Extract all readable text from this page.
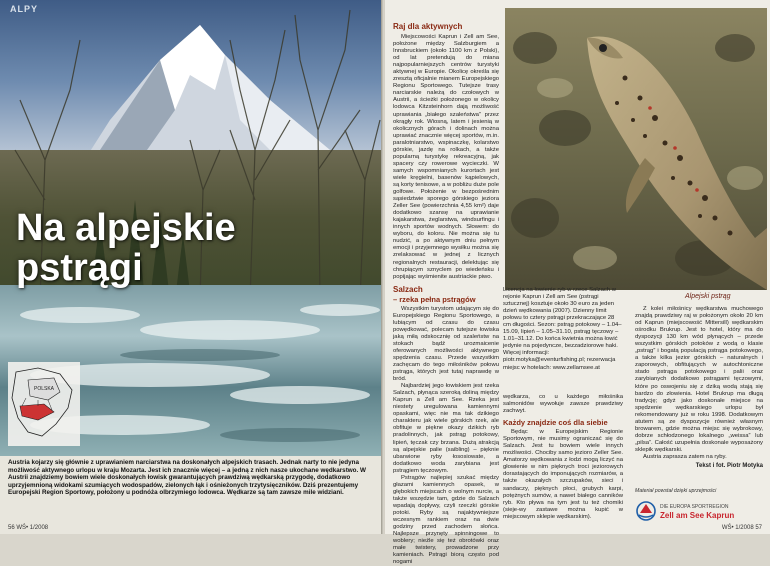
ALPY
Na alpejskie
pstrągi
POLSKA
Austria kojarzy się głównie z uprawianiem narciarstwa na doskonałych alpejskich trasach. Jednak narty to nie jedyna możliwość aktywnego urlopu w kraju Mozarta. Jest ich znacznie więcej – a jedną z nich nasze ukochane wędkarstwo. W Austrii znajdziemy bowiem wiele doskonałych łowisk gwarantujących prawdziwą wędkarską przygodę, dodatkowo uprzyjemnioną widokami szumiących wodospadów, zielonych łąk i ośnieżonych trzytysięczników. Dziś prezentujemy Europejski Region Sportowy, położony u podnóża olbrzymiego lodowca. Wędkarze są tam zawsze mile widziani.
56 WŚ• 1/2008
Raj dla aktywnych

Miejscowości Kaprun i Zell am See, położone między Salzburgiem a Innsbruckiem (około 1100 km z Polski), od lat pretendują do miana najpopularniejszych centrów turystyki aktywnej w Europie. Okolicę określa się zresztą oficjalnie mianem Europejskiego Regionu Sportowego. Tutejsze trasy narciarskie należą do czołowych w Austrii, a ścieżki położonego w okolicy lodowca Kitzsteinhorn dają możliwość uprawiania „białego szaleństwa” przez okrągły rok. Wiosną, latem i jesienią w okolicznych górach i dolinach można uprawiać znacznie więcej sportów, m.in. paralotniarstwo, wspinaczkę, kolarstwo górskie, jazdę na rolkach, a także popularną turystykę rekreacyjną, jak spacery czy rowerowe wycieczki. W samych wspomnianych kurortach jest wiele kręgielni, basenów kąpielowych, są korty tenisowe, a w pobliżu duże pole golfowe. Położenie w bezpośrednim sąsiedztwie sporego górskiego jeziora Zeller See (powierzchnia 4,55 km²) daje dodatkowo szansę na uprawianie kajakarstwa, żeglarstwa, windsurfingu i innych sportów wodnych. Słowem: do wyboru, do koloru. Nie można się tu nudzić, a po aktywnym dniu pełnym emocji i przyjemnego wysiłku można się zrelaksować w jednej z licznych regionalnych restauracji, delektując się chrupiącym sznyclem po wiedeńsku i popijając wyśmienite austriackie piwo.

Salzach
– rzeka pełna pstrągów

Wszystkim turystom udającym się do Europejskiego Regionu Sportowego, a lubiącym od czasu do czasu powędkować, polecam tutejsze łowiska jaką miłą odskocznię od szaleństw na stokach bądź urozmaicenie oferowanych możliwości aktywnego spędzenia czasu. Przede wszystkim zachęcam do tego miłośników połowu pstrąga, których jest tutaj naprawdę w bród.

Najbardziej jego łowiskiem jest rzeka Salzach, płynąca szeroką doliną między Kaprun a Zell am See. Rzeka jest niestety uregulowana kamiennymi opaskami, więc nie ma tak dzikiego charakteru jak wiele górskich rzek, ale obfituje w piękne okazy dzikich ryb pradolinnych, jak pstrąg potokowy, lipień, tęczak czy brzana. Dużą atrakcją są alpejskie palie (saibling) – pięknie ubarwione ryby łososiowate, a dodatkowo woda zarybiana jest pstrągiem tęczowym.

Pstrągów najlepiej szukać między głazami kamiennych opasek, w głębokich miejscach o wolnym nurcie, a także wszędzie tam, gdzie do Salzach wpadają dopływy, czyli rzeczki górskie potoki. Ryby są najaktywniejsze wczesnym rankiem oraz na dwie godziny przed zachodem słońca. Najlepsze przynęty spinningowe to woblery; nieźle się też obrotówki oraz małe twistery, prowadzone przy kamieniach. Pstrągi biorą często pod nogami

Alpejski pstrąg

Licencja na łowienie ryb w rzece Salzach w rejonie Kaprun i Zell am See (pstrągi sztucznej) kosztuje około 30 euro za jeden dzień wędkowania (2007). Dzienny limit połowu to cztery pstrągi przekraczające 28 cm długości. Sezon: pstrąg potokowy – 1.04–15.09, lipień – 1.05–31.10, pstrąg tęczowy – 1.01–31.12. Do końca kwietnia można łowić jedynie na pojedyncze, bezzadziorowe haki. Więcej informacji: piotr.motyka@eventurfishing.pl; rezerwacja miejsc w hotelach: www.zellamsee.at

wędkarza, co u każdego miłośnika salmonidów wywołuje zawsze prawdziwy zachwyt.

Każdy znajdzie coś dla siebie

Będąc w Europejskim Regionie Sportowym, nie musimy ograniczać się do Salzach. Jest tu bowiem wiele innych możliwości. Chociby samo jezioro Zeller See. Amatorzy wędkowania z łodzi mogą liczyć na głowienie w nim pięknych troci jeziorowych dorastających do imponujących rozmiarów, a także okazałych szczupaków, sieci i sandaczy, pięknych płoci, grubych karpi, potężnych sumów, a nawet białego canników ryb. Kto pływa na tym jest tu też chomiki (sieje-wy zastawe można kupić w miejscowym sklepie wędkarskim).

Z kolei miłośnicy wędkarstwa muchowego znajdą prawdziwy raj w położonym około 20 km od Kaprun (miejscowość Mittersill) wędkarskim ośrodku Brukrup. Jest to hotel, który ma do dyspozycji 130 km wód płynących – przede wszystkim górskich potoków z wodą o klasie „pstrąg” i bogatą populacją pstrąga potokowego, a także kilka jezior górskich – naturalnych i zaporowych, obfitujących w autochtoniczne stado pstrąga potokowego i palii oraz zarybianych dodatkowo pstrągami tęczowymi, które po oswojeniu się z dziką wodą stają się bardzo do złowienia. Hotel Brukrup ma długą tradycję; gdyż jako doskonałe miejsce na spędzenie wędkarskiego urlopu był rekomendowany już w roku 1998. Dodatkowym atutem są ze dyspozycje również własnym browarem, gdzie można miejsc się wybrokowy, dobrze schłodzonego lokalnego „weissa” lub „pilsa”. Całość uzupełnia doskonale wyposażony sklepik wędkarski.

Austria zaprasza zatem na ryby.

Tekst i fot. Piotr Motyka
Materiał powstał dzięki uprzejmości
DIE EUROPA SPORTREGION
Zell am See Kaprun
WŚ• 1/2008 57
